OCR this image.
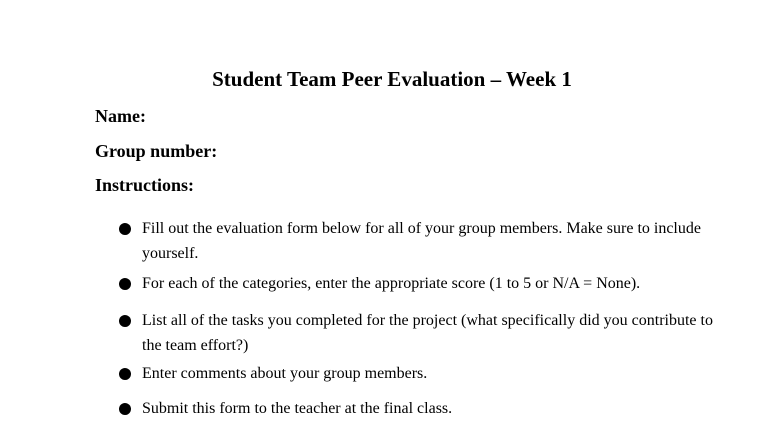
Student Team Peer Evaluation – Week 1
Name:
Group number:
Instructions:
Fill out the evaluation form below for all of your group members. Make sure to include yourself.
For each of the categories, enter the appropriate score (1 to 5 or N/A = None).
List all of the tasks you completed for the project (what specifically did you contribute to the team effort?)
Enter comments about your group members.
Submit this form to the teacher at the final class.
